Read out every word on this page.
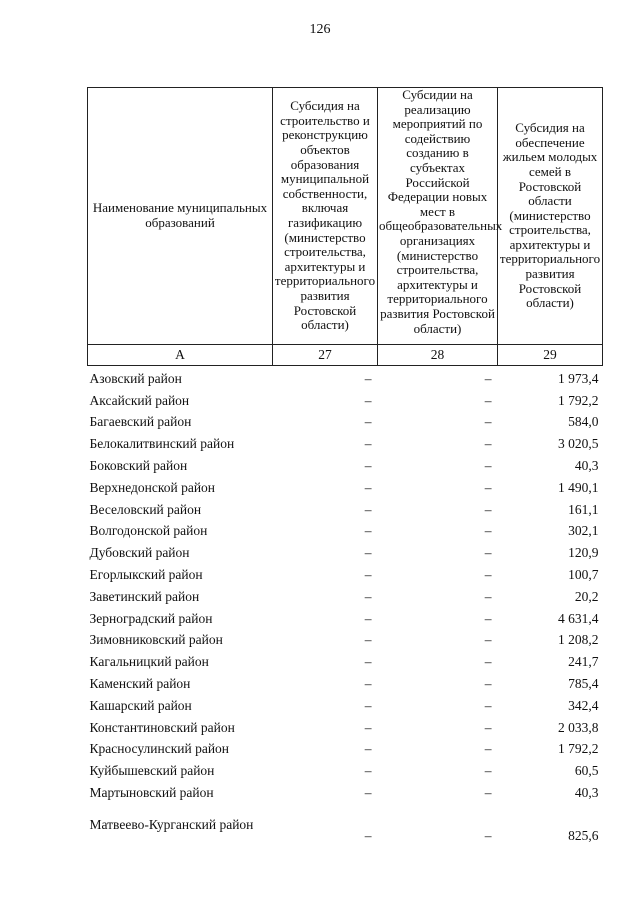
126
Наименование муниципальных образований	Субсидия на строительство и реконструкцию объектов образования муниципальной собственности, включая газификацию (министерство строительства, архитектуры и территориального развития Ростовской области)	Субсидии на реализацию мероприятий по содействию созданию в субъектах Российской Федерации новых мест в общеобразовательных организациях (министерство строительства, архитектуры и территориального развития Ростовской области)	Субсидия на обеспечение жильем молодых семей в Ростовской области (министерство строительства, архитектуры и территориального развития Ростовской области)
А	27	28	29
Азовский район	–	–	1 973,4
Аксайский район	–	–	1 792,2
Багаевский район	–	–	584,0
Белокалитвинский район	–	–	3 020,5
Боковский район	–	–	40,3
Верхнедонской район	–	–	1 490,1
Веселовский район	–	–	161,1
Волгодонской район	–	–	302,1
Дубовский район	–	–	120,9
Егорлыкский район	–	–	100,7
Заветинский район	–	–	20,2
Зерноградский район	–	–	4 631,4
Зимовниковский район	–	–	1 208,2
Кагальницкий район	–	–	241,7
Каменский район	–	–	785,4
Кашарский район	–	–	342,4
Константиновский район	–	–	2 033,8
Красносулинский район	–	–	1 792,2
Куйбышевский район	–	–	60,5
Мартыновский район	–	–	40,3
Матвеево-Курганский район	–	–	825,6
